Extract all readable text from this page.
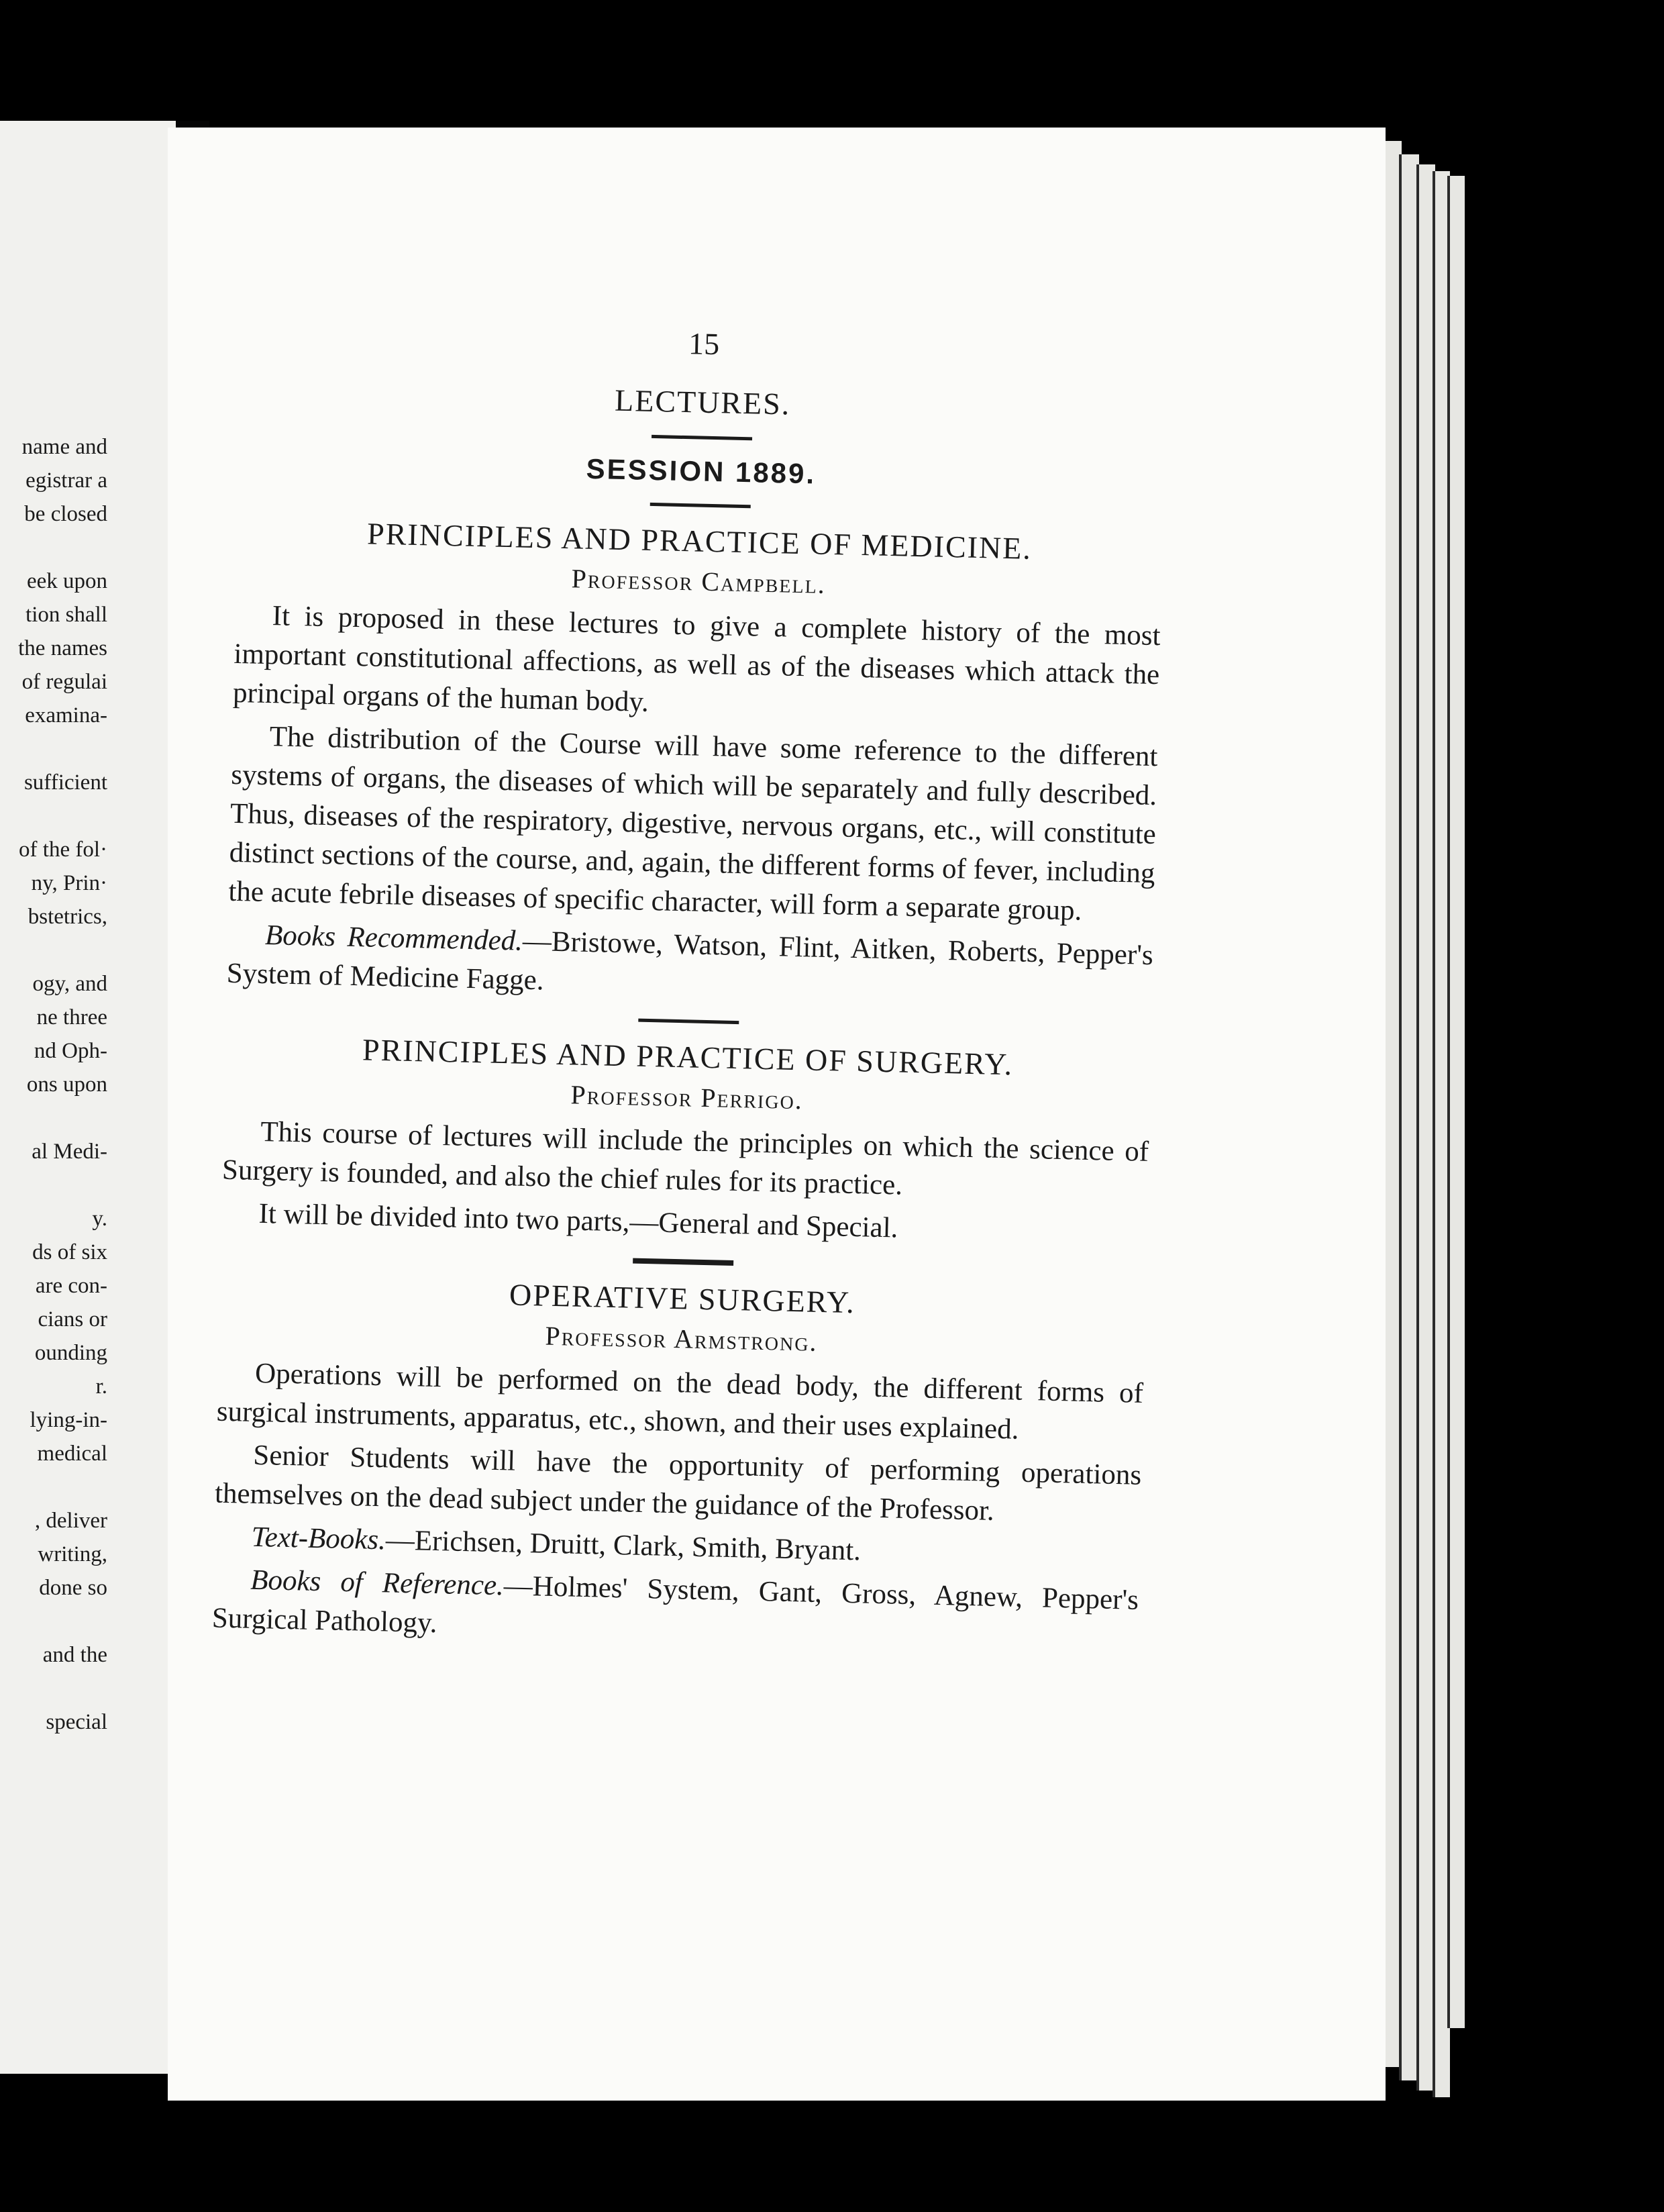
name and
egistrar a
be closed
eek upon
tion shall
the names
of regulai
examina-
sufficient
of the fol·
ny, Prin·
bstetrics,
ogy, and
ne three
nd Oph-
ons upon
al Medi-
y.
ds of six
are con-
cians or
ounding
r.
lying-in-
medical
, deliver
writing,
done so
and the
special
15
LECTURES.
SESSION 1889.
PRINCIPLES AND PRACTICE OF MEDICINE.
Professor Campbell.

It is proposed in these lectures to give a complete history of the most important constitutional affections, as well as of the diseases which attack the principal organs of the human body.

The distribution of the Course will have some reference to the different systems of organs, the diseases of which will be separately and fully described. Thus, diseases of the respiratory, digestive, nervous organs, etc., will constitute distinct sections of the course, and, again, the different forms of fever, including the acute febrile diseases of specific character, will form a separate group.

Books Recommended.—Bristowe, Watson, Flint, Aitken, Roberts, Pepper's System of Medicine Fagge.

PRINCIPLES AND PRACTICE OF SURGERY.
Professor Perrigo.

This course of lectures will include the principles on which the science of Surgery is founded, and also the chief rules for its practice.

It will be divided into two parts,—General and Special.

OPERATIVE SURGERY.
Professor Armstrong.

Operations will be performed on the dead body, the different forms of surgical instruments, apparatus, etc., shown, and their uses explained.

Senior Students will have the opportunity of performing operations themselves on the dead subject under the guidance of the Professor.

Text-Books.—Erichsen, Druitt, Clark, Smith, Bryant.

Books of Reference.—Holmes' System, Gant, Gross, Agnew, Pepper's Surgical Pathology.
